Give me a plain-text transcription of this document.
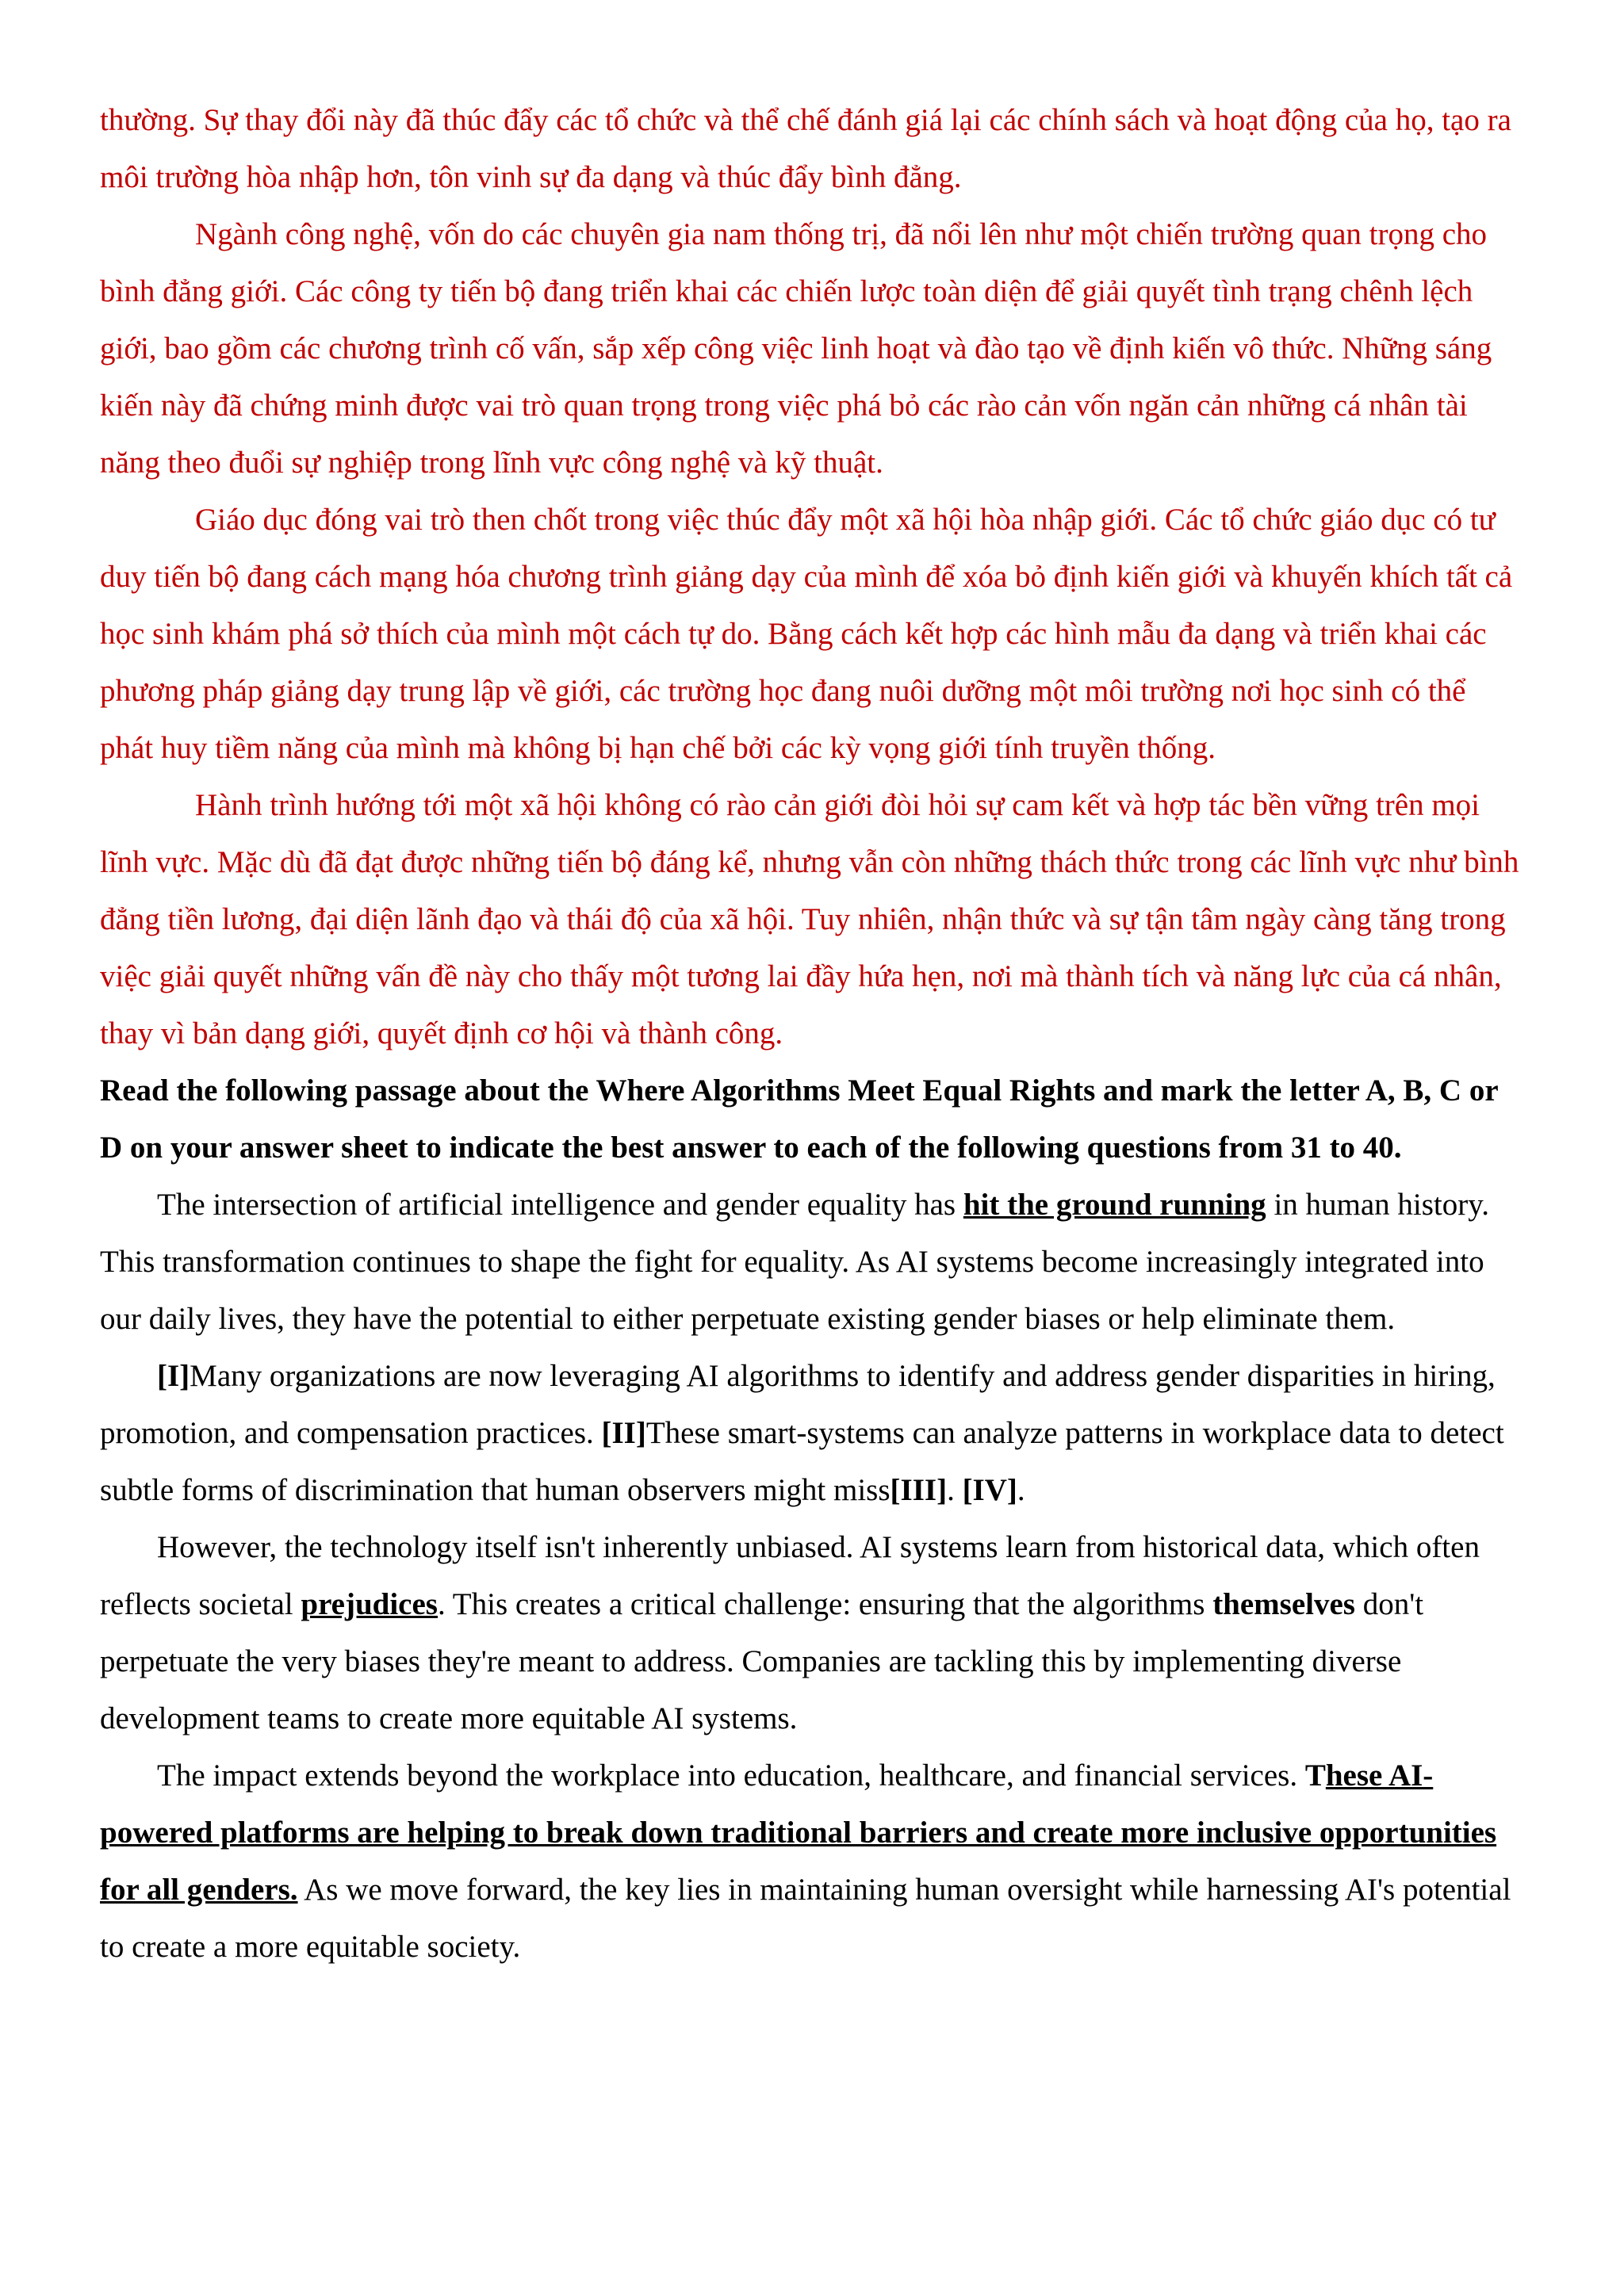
thường. Sự thay đổi này đã thúc đẩy các tổ chức và thể chế đánh giá lại các chính sách và hoạt động của họ, tạo ra môi trường hòa nhập hơn, tôn vinh sự đa dạng và thúc đẩy bình đẳng.

Ngành công nghệ, vốn do các chuyên gia nam thống trị, đã nổi lên như một chiến trường quan trọng cho bình đẳng giới. Các công ty tiến bộ đang triển khai các chiến lược toàn diện để giải quyết tình trạng chênh lệch giới, bao gồm các chương trình cố vấn, sắp xếp công việc linh hoạt và đào tạo về định kiến vô thức. Những sáng kiến này đã chứng minh được vai trò quan trọng trong việc phá bỏ các rào cản vốn ngăn cản những cá nhân tài năng theo đuổi sự nghiệp trong lĩnh vực công nghệ và kỹ thuật.

Giáo dục đóng vai trò then chốt trong việc thúc đẩy một xã hội hòa nhập giới. Các tổ chức giáo dục có tư duy tiến bộ đang cách mạng hóa chương trình giảng dạy của mình để xóa bỏ định kiến giới và khuyến khích tất cả học sinh khám phá sở thích của mình một cách tự do. Bằng cách kết hợp các hình mẫu đa dạng và triển khai các phương pháp giảng dạy trung lập về giới, các trường học đang nuôi dưỡng một môi trường nơi học sinh có thể phát huy tiềm năng của mình mà không bị hạn chế bởi các kỳ vọng giới tính truyền thống.

Hành trình hướng tới một xã hội không có rào cản giới đòi hỏi sự cam kết và hợp tác bền vững trên mọi lĩnh vực. Mặc dù đã đạt được những tiến bộ đáng kể, nhưng vẫn còn những thách thức trong các lĩnh vực như bình đẳng tiền lương, đại diện lãnh đạo và thái độ của xã hội. Tuy nhiên, nhận thức và sự tận tâm ngày càng tăng trong việc giải quyết những vấn đề này cho thấy một tương lai đầy hứa hẹn, nơi mà thành tích và năng lực của cá nhân, thay vì bản dạng giới, quyết định cơ hội và thành công.

Read the following passage about the Where Algorithms Meet Equal Rights and mark the letter A, B, C or D on your answer sheet to indicate the best answer to each of the following questions from 31 to 40.

The intersection of artificial intelligence and gender equality has hit the ground running in human history. This transformation continues to shape the fight for equality. As AI systems become increasingly integrated into our daily lives, they have the potential to either perpetuate existing gender biases or help eliminate them.

[I]Many organizations are now leveraging AI algorithms to identify and address gender disparities in hiring, promotion, and compensation practices. [II]These smart-systems can analyze patterns in workplace data to detect subtle forms of discrimination that human observers might miss[III]. [IV].

However, the technology itself isn't inherently unbiased. AI systems learn from historical data, which often reflects societal prejudices. This creates a critical challenge: ensuring that the algorithms themselves don't perpetuate the very biases they're meant to address. Companies are tackling this by implementing diverse development teams to create more equitable AI systems.

The impact extends beyond the workplace into education, healthcare, and financial services. These AI-powered platforms are helping to break down traditional barriers and create more inclusive opportunities for all genders. As we move forward, the key lies in maintaining human oversight while harnessing AI's potential to create a more equitable society.
